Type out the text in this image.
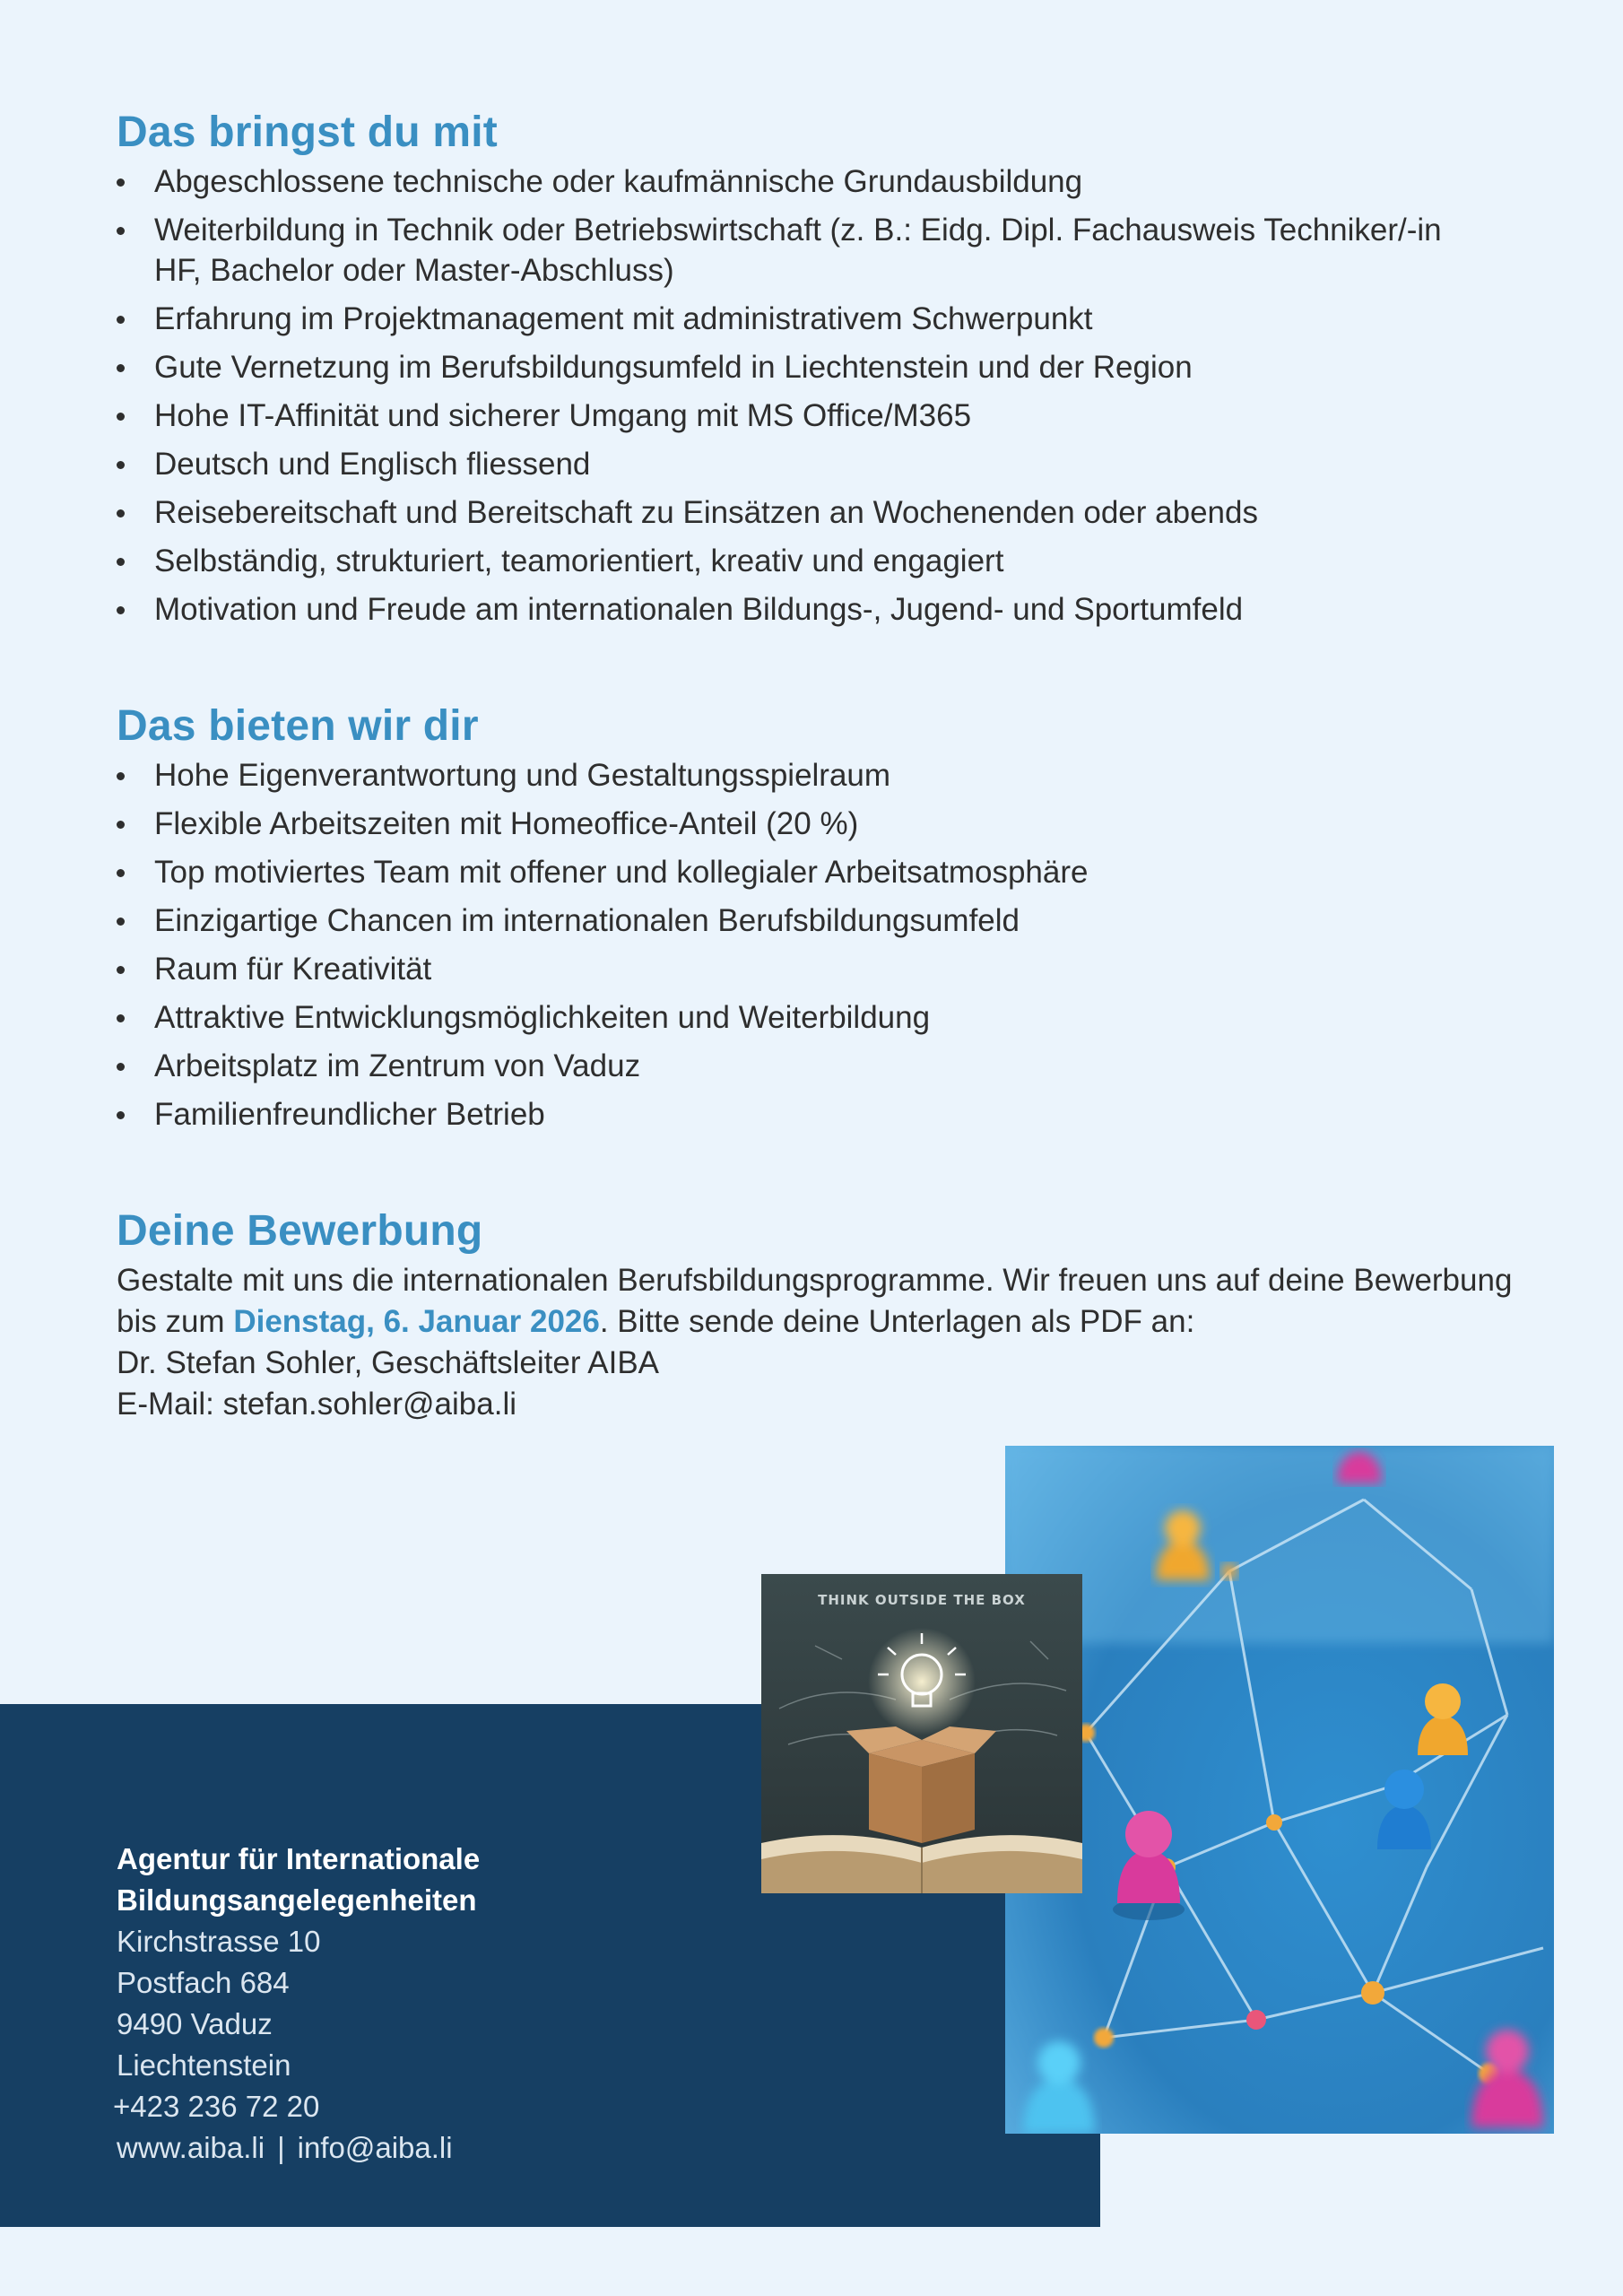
Das bringst du mit
Abgeschlossene technische oder kaufmännische Grundausbildung
Weiterbildung in Technik oder Betriebswirtschaft (z. B.: Eidg. Dipl. Fachausweis Techniker/-in HF, Bachelor oder Master-Abschluss)
Erfahrung im Projektmanagement mit administrativem Schwerpunkt
Gute Vernetzung im Berufsbildungsumfeld in Liechtenstein und der Region
Hohe IT-Affinität und sicherer Umgang mit MS Office/M365
Deutsch und Englisch fliessend
Reisebereitschaft und Bereitschaft zu Einsätzen an Wochenenden oder abends
Selbständig, strukturiert, teamorientiert, kreativ und engagiert
Motivation und Freude am internationalen Bildungs-, Jugend- und Sportumfeld
Das bieten wir dir
Hohe Eigenverantwortung und Gestaltungsspielraum
Flexible Arbeitszeiten mit Homeoffice-Anteil (20 %)
Top motiviertes Team mit offener und kollegialer Arbeitsatmosphäre
Einzigartige Chancen im internationalen Berufsbildungsumfeld
Raum für Kreativität
Attraktive Entwicklungsmöglichkeiten und Weiterbildung
Arbeitsplatz im Zentrum von Vaduz
Familienfreundlicher Betrieb
Deine Bewerbung

Gestalte mit uns die internationalen Berufsbildungsprogramme. Wir freuen uns auf deine Bewerbung bis zum Dienstag, 6. Januar 2026. Bitte sende deine Unterlagen als PDF an:

Dr. Stefan Sohler, Geschäftsleiter AIBA

E-Mail: stefan.sohler@aiba.li

Agentur für Internationale
Bildungsangelegenheiten
Kirchstrasse 10
Postfach 684
9490 Vaduz
Liechtenstein
+423 236 72 20
www.aiba.li | info@aiba.li
THINK OUTSIDE THE BOX
